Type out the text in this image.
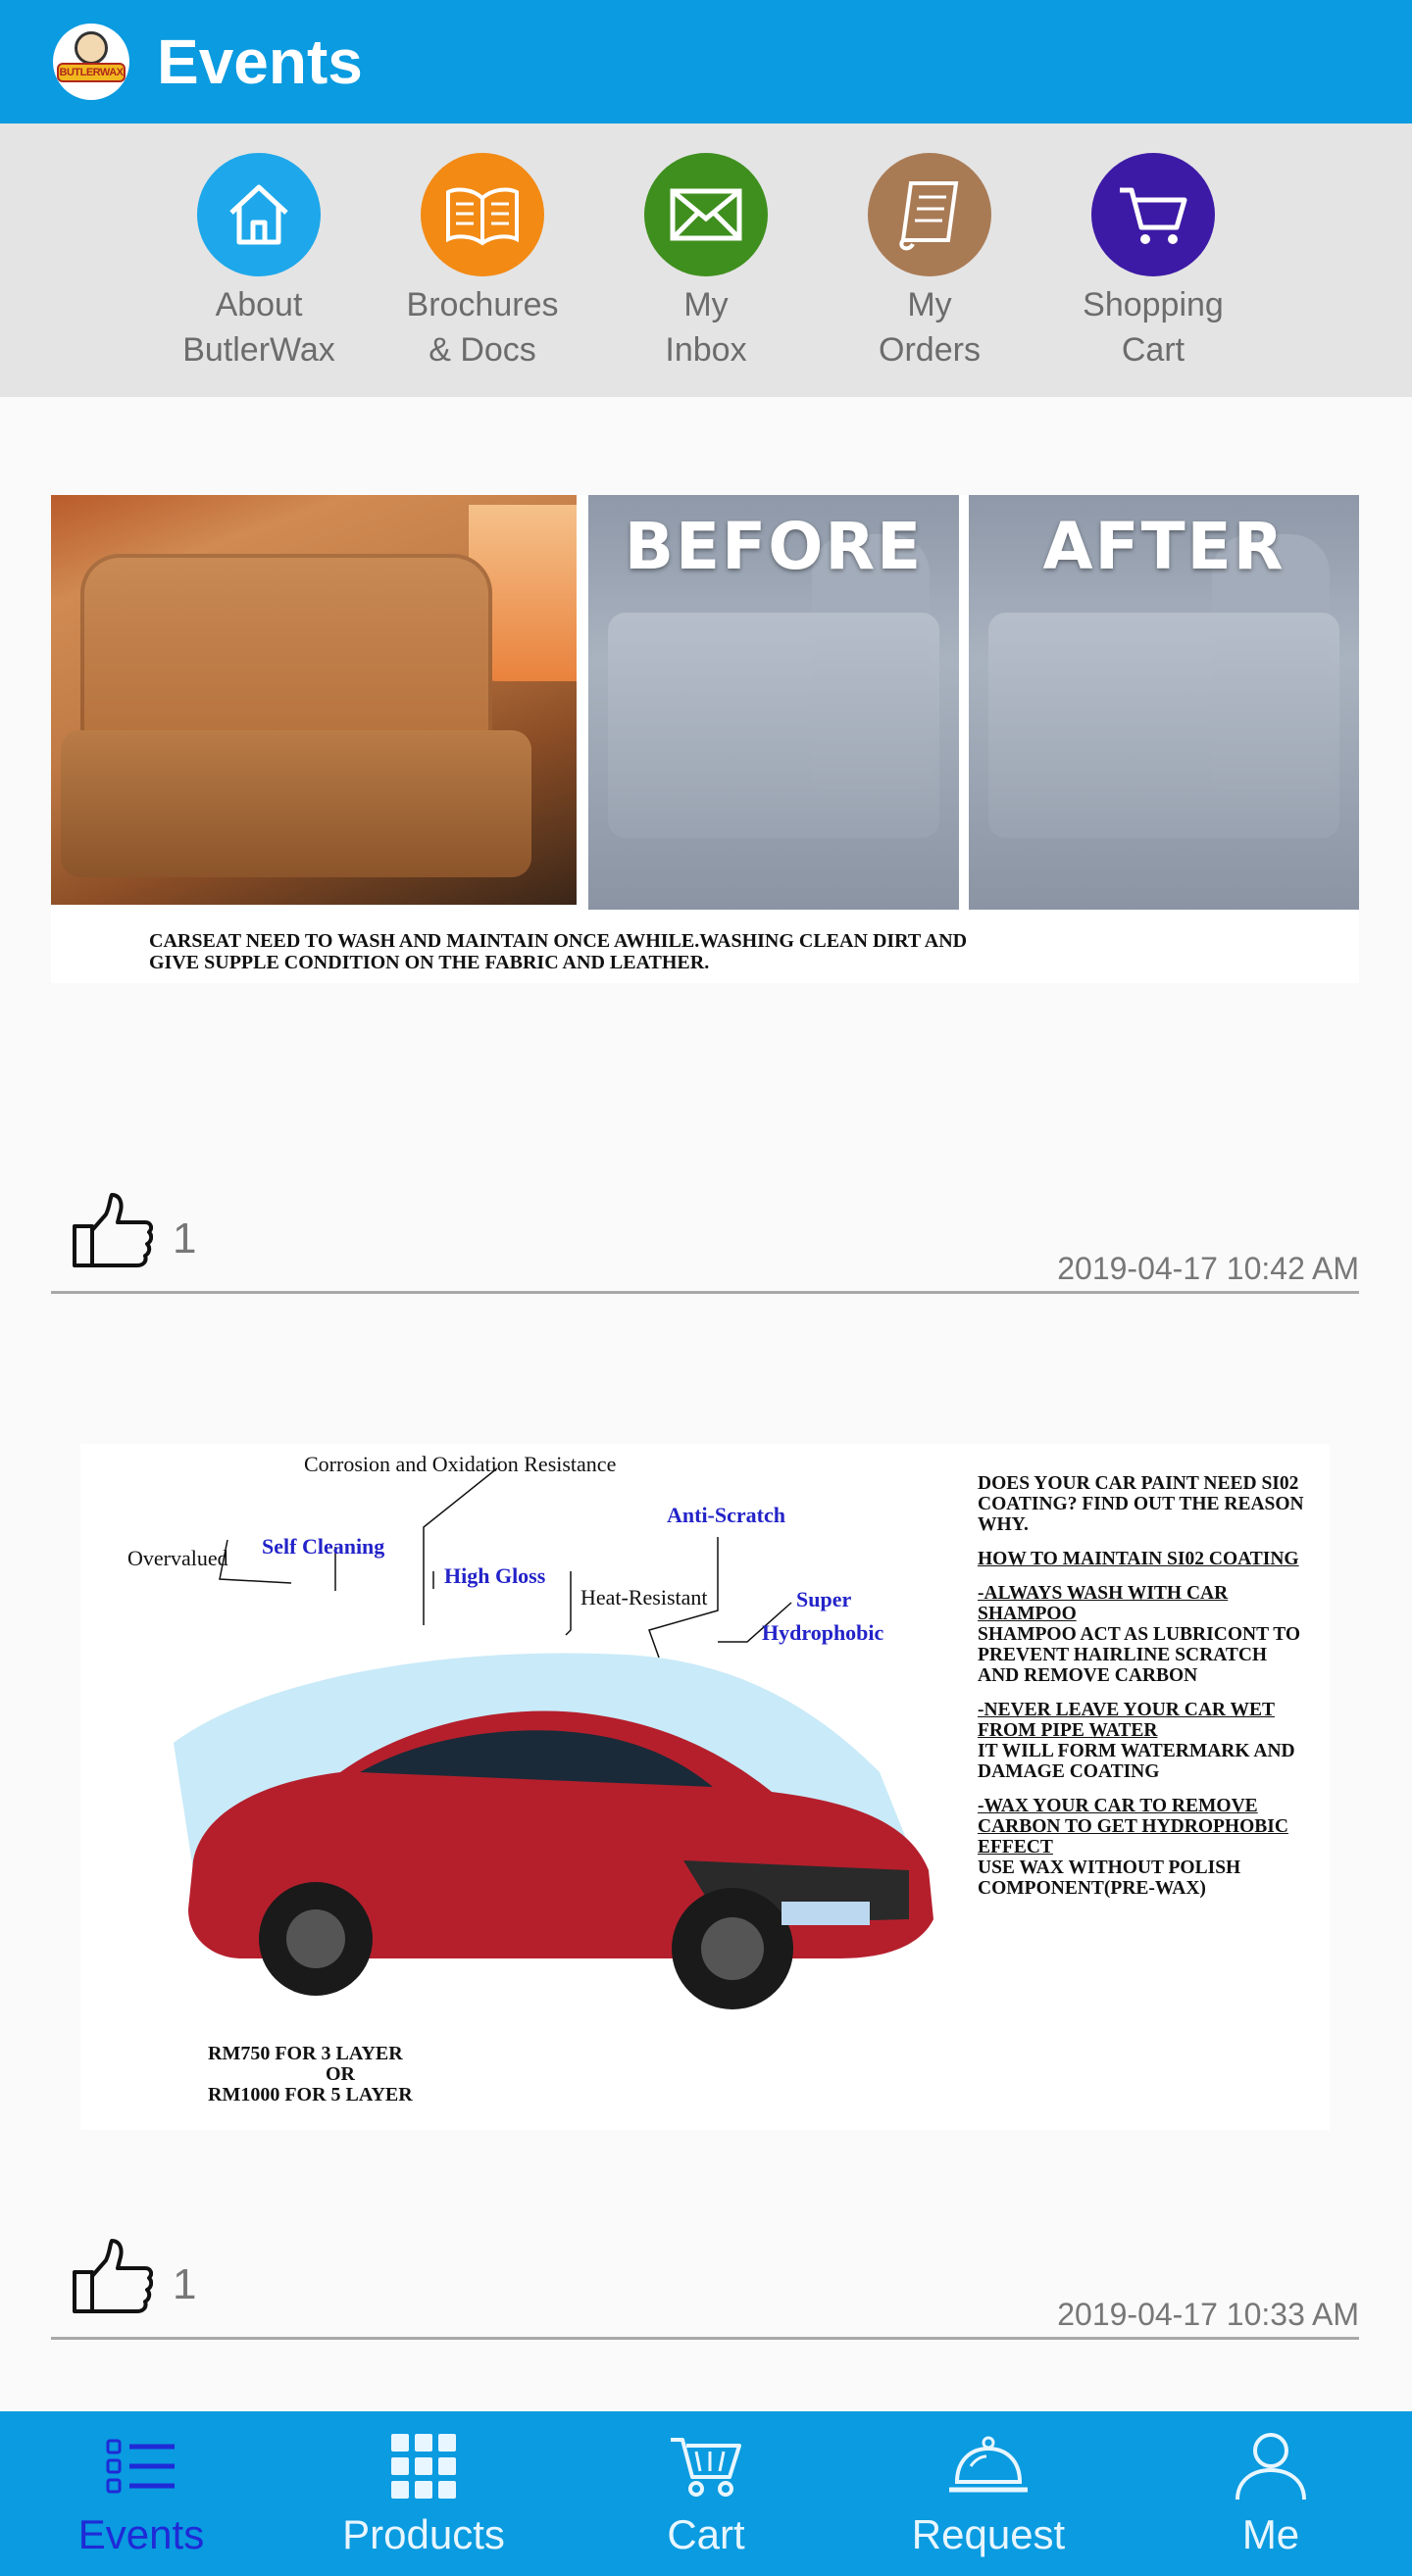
BUTLERWAX Events
About
ButlerWax
Brochures
& Docs
My
Inbox
My
Orders
Shopping
Cart
BEFORE	AFTER
CARSEAT NEED TO WASH AND MAINTAIN ONCE AWHILE.WASHING CLEAN DIRT AND
GIVE SUPPLE CONDITION ON THE FABRIC AND LEATHER.
1
2019-04-17 10:42 AM
Corrosion and Oxidation Resistance
Overvalued Self Cleaning
High Gloss
Anti-Scratch
Heat-Resistant	Super
Hydrophobic

DOES YOUR CAR PAINT NEED SI02 COATING? FIND OUT THE REASON WHY.

HOW TO MAINTAIN SI02 COATING

-ALWAYS WASH WITH CAR SHAMPOO
SHAMPOO ACT AS LUBRICONT TO PREVENT HAIRLINE SCRATCH AND REMOVE CARBON

-NEVER LEAVE YOUR CAR WET FROM PIPE WATER
IT WILL FORM WATERMARK AND DAMAGE COATING

-WAX YOUR CAR TO REMOVE CARBON TO GET HYDROPHOBIC EFFECT
USE WAX WITHOUT POLISH COMPONENT(PRE-WAX)

RM750 FOR 3 LAYER
OR
RM1000 FOR 5 LAYER
1
2019-04-17 10:33 AM
Events	Products	Cart	Request	Me
